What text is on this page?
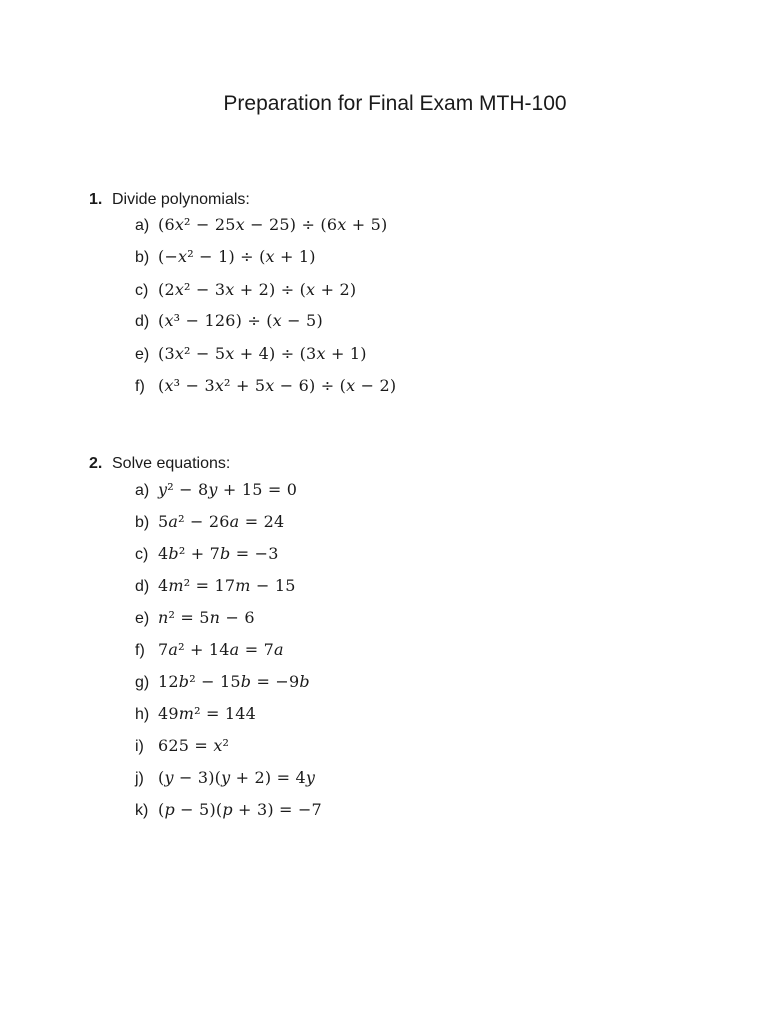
Preparation for Final Exam MTH-100
1. Divide polynomials:
a) (6𝑥² − 25𝑥 − 25) ÷ (6𝑥 + 5)
b) (−𝑥² − 1) ÷ (𝑥 + 1)
c) (2𝑥² − 3𝑥 + 2) ÷ (𝑥 + 2)
d) (𝑥³ − 126) ÷ (𝑥 − 5)
e) (3𝑥² − 5𝑥 + 4) ÷ (3𝑥 + 1)
f) (𝑥³ − 3𝑥² + 5𝑥 − 6) ÷ (𝑥 − 2)
2. Solve equations:
a) 𝑦² − 8𝑦 + 15 = 0
b) 5𝑎² − 26𝑎 = 24
c) 4𝑏² + 7𝑏 = −3
d) 4𝑚² = 17𝑚 − 15
e) 𝑛² = 5𝑛 − 6
f) 7𝑎² + 14𝑎 = 7𝑎
g) 12𝑏² − 15𝑏 = −9𝑏
h) 49𝑚² = 144
i) 625 = 𝑥²
j) (𝑦 − 3)(𝑦 + 2) = 4𝑦
k) (𝑝 − 5)(𝑝 + 3) = −7
